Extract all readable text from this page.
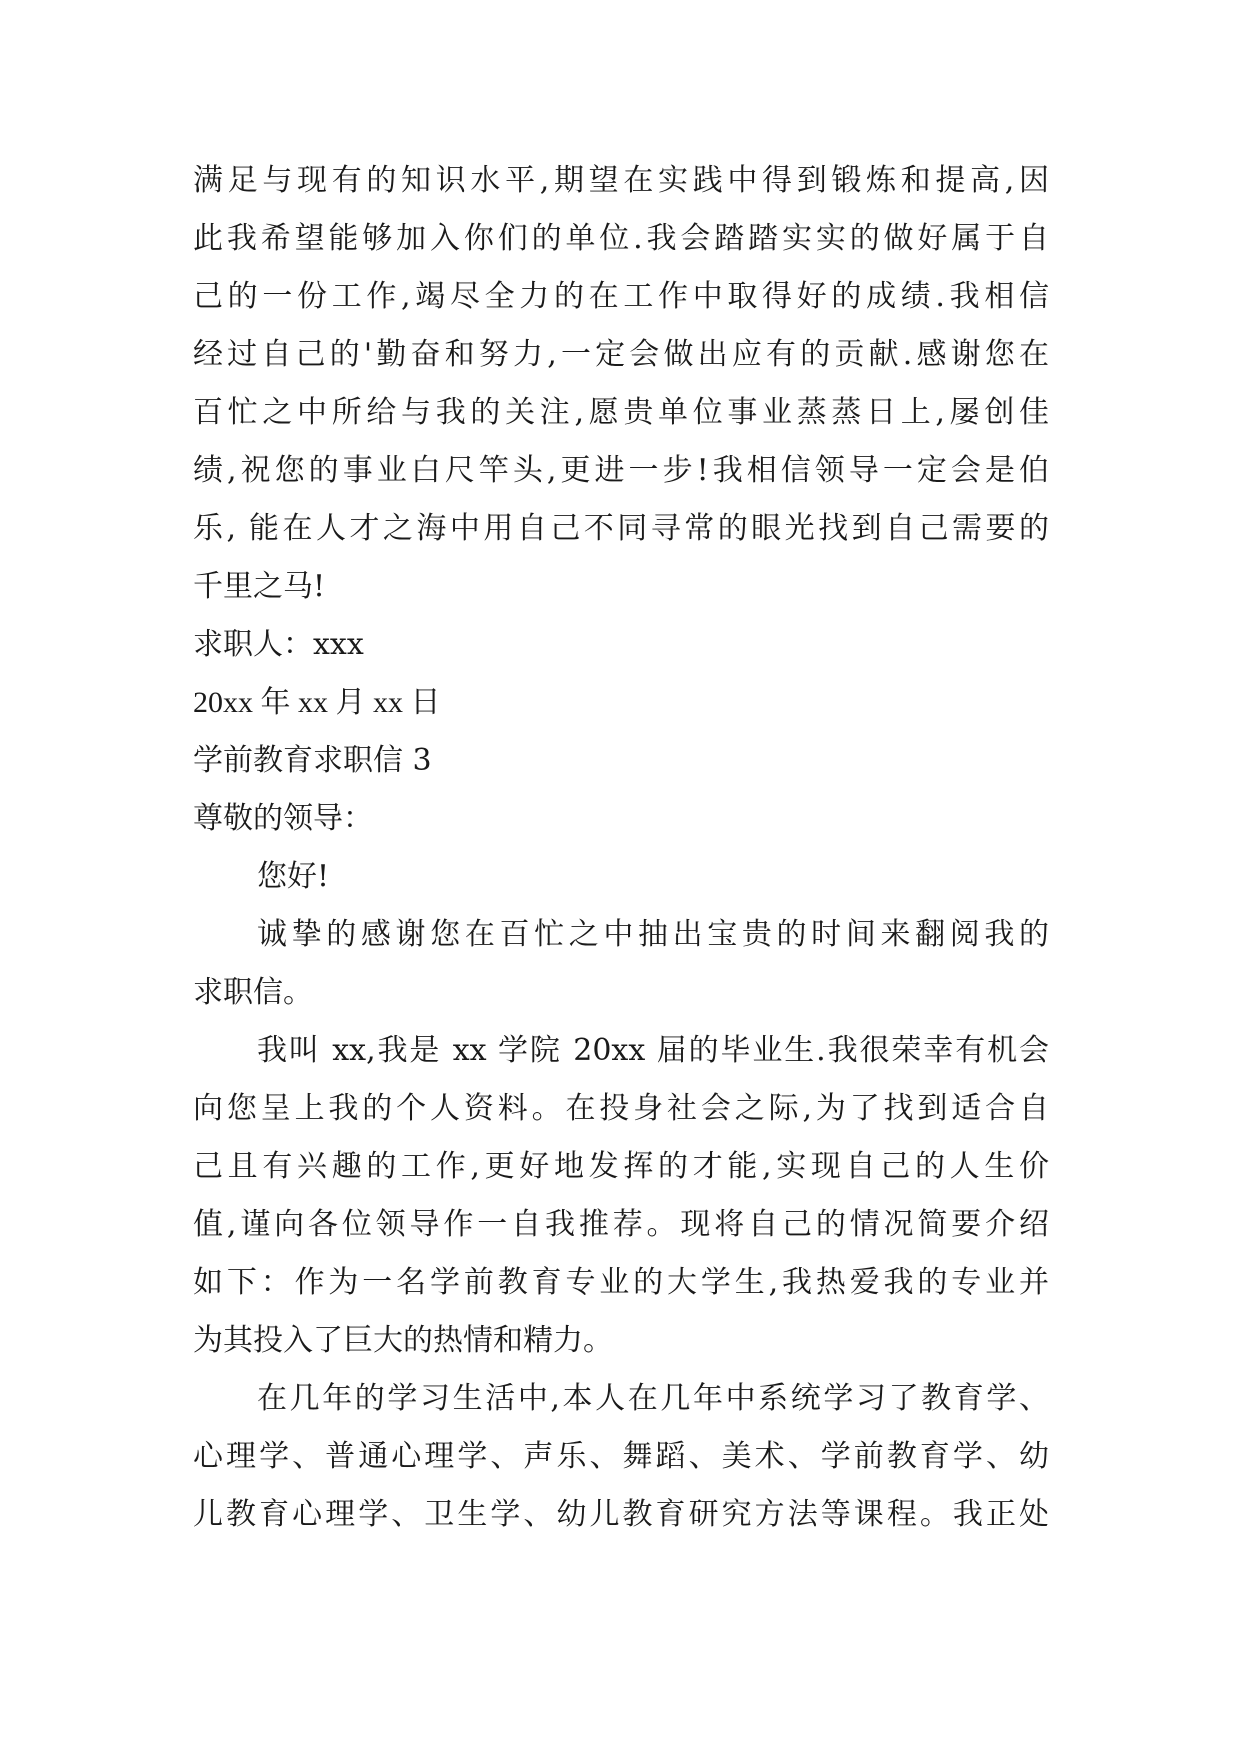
满足与现有的知识水平,期望在实践中得到锻炼和提高,因
此我希望能够加入你们的单位.我会踏踏实实的做好属于自
己的一份工作,竭尽全力的在工作中取得好的成绩.我相信
经过自己的'勤奋和努力,一定会做出应有的贡献.感谢您在
百忙之中所给与我的关注,愿贵单位事业蒸蒸日上,屡创佳
绩,祝您的事业白尺竿头,更进一步!我相信领导一定会是伯
乐, 能在人才之海中用自己不同寻常的眼光找到自己需要的
千里之马!
求职人：xxx
20xx 年 xx 月 xx 日
学前教育求职信 3
尊敬的领导：
您好!
诚挚的感谢您在百忙之中抽出宝贵的时间来翻阅我的
求职信。
我叫 xx,我是 xx 学院 20xx 届的毕业生.我很荣幸有机会
向您呈上我的个人资料。在投身社会之际,为了找到适合自
己且有兴趣的工作,更好地发挥的才能,实现自己的人生价
值,谨向各位领导作一自我推荐。现将自己的情况简要介绍
如下：作为一名学前教育专业的大学生,我热爱我的专业并
为其投入了巨大的热情和精力。
在几年的学习生活中,本人在几年中系统学习了教育学、
心理学、普通心理学、声乐、舞蹈、美术、学前教育学、幼
儿教育心理学、卫生学、幼儿教育研究方法等课程。我正处
